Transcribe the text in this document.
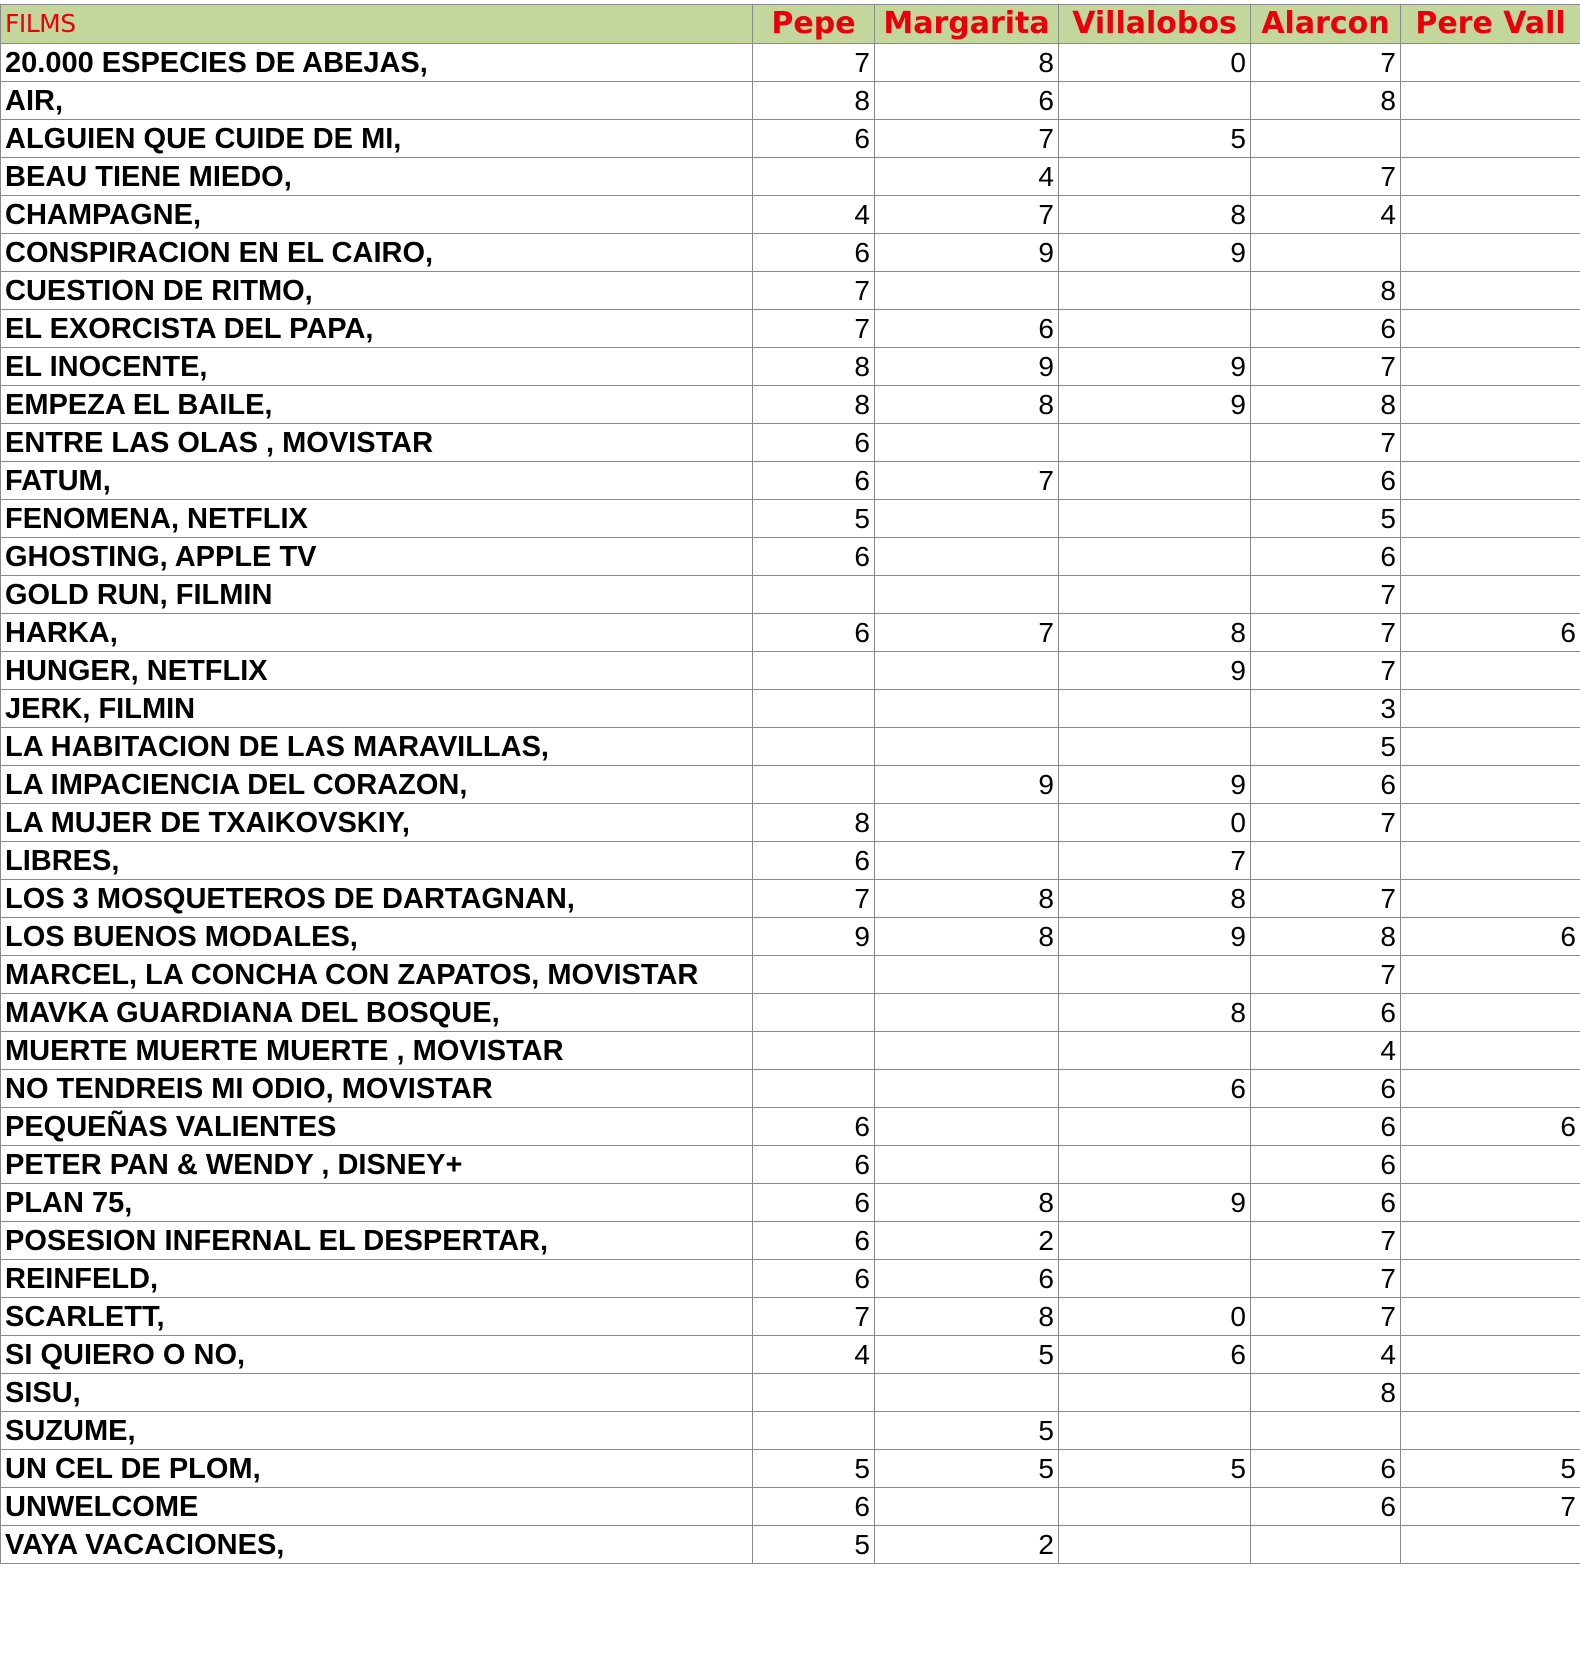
FILMS	Pepe	Margarita	Villalobos	Alarcon	Pere Vall
20.000 ESPECIES DE ABEJAS,	7	8	0	7	
AIR,	8	6		8	
ALGUIEN QUE CUIDE DE MI,	6	7	5		
BEAU TIENE MIEDO,		4		7	
CHAMPAGNE,	4	7	8	4	
CONSPIRACION EN EL CAIRO,	6	9	9		
CUESTION DE RITMO,	7			8	
EL EXORCISTA DEL PAPA,	7	6		6	
EL INOCENTE,	8	9	9	7	
EMPEZA EL BAILE,	8	8	9	8	
ENTRE LAS OLAS , MOVISTAR	6			7	
FATUM,	6	7		6	
FENOMENA, NETFLIX	5			5	
GHOSTING, APPLE TV	6			6	
GOLD RUN, FILMIN				7	
HARKA,	6	7	8	7	6
HUNGER, NETFLIX			9	7	
JERK, FILMIN				3	
LA HABITACION DE LAS MARAVILLAS,				5	
LA IMPACIENCIA DEL CORAZON,		9	9	6	
LA MUJER DE TXAIKOVSKIY,	8		0	7	
LIBRES,	6		7		
LOS 3 MOSQUETEROS DE DARTAGNAN,	7	8	8	7	
LOS BUENOS MODALES,	9	8	9	8	6
MARCEL, LA CONCHA CON ZAPATOS, MOVISTAR				7	
MAVKA GUARDIANA DEL BOSQUE,			8	6	
MUERTE MUERTE MUERTE , MOVISTAR				4	
NO TENDREIS MI ODIO, MOVISTAR			6	6	
PEQUEÑAS VALIENTES	6			6	6
PETER PAN & WENDY , DISNEY+	6			6	
PLAN 75,	6	8	9	6	
POSESION INFERNAL EL DESPERTAR,	6	2		7	
REINFELD,	6	6		7	
SCARLETT,	7	8	0	7	
SI QUIERO O NO,	4	5	6	4	
SISU,				8	
SUZUME,		5			
UN CEL DE PLOM,	5	5	5	6	5
UNWELCOME	6			6	7
VAYA VACACIONES,	5	2			
